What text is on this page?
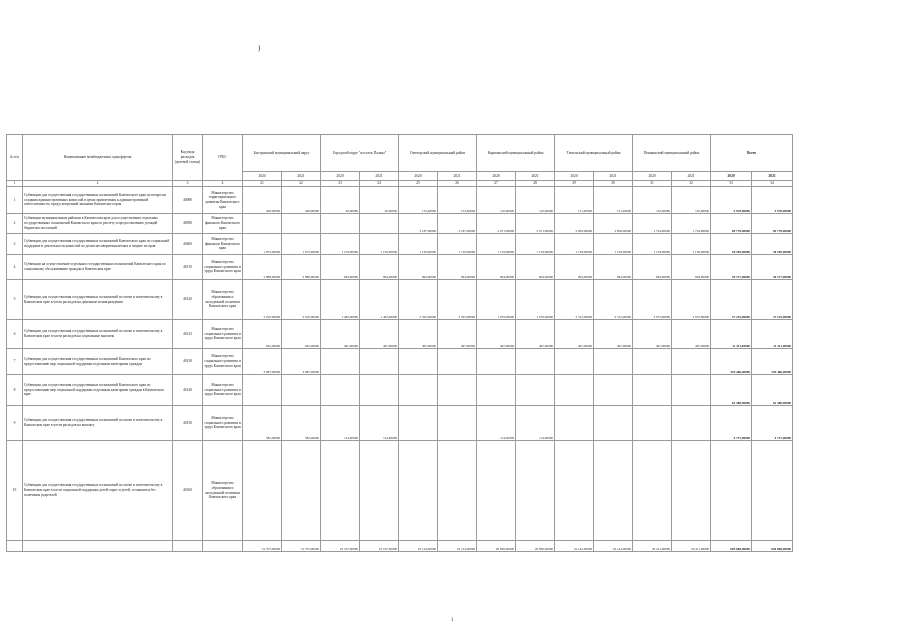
)
№ п/п	Наименование межбюджетных трансфертов	Код вида расходов (целевой статьи)	ГРБС	Быстринский муниципальный округ		Городской округ "поселок Палана"		Олюторский муниципальный район		Карагинский муниципальный район		Тигильский муниципальный район		Пенжинский муниципальный район		Всего	
				2020	2021	2020	2021	2020	2021	2020	2021	2020	2021	2020	2021	2020	2021
1	2	3	4	21	22	23	24	25	26	27	28	29	30	31	32	33	34
1	Субвенции для осуществления государственных полномочий Камчатского края по вопросам создания административных комиссий в целях привлечения к административной ответственности, предусмотренной законами Камчатского края	40080	Министерство территориального развития Камчатского края	428,00000	428,00000	26,00000	26,00000	153,40000	153,40000	110,00000	110,00000	151,40000	151,40000	110,00000	110,00000	5 978,00000	5 978,00000
2	Субвенции муниципальным районам в Камчатском крае для осуществления отдельных государственных полномочий Камчатского края по расчету и предоставлению дотаций бюджетам поселений	40090	Министерство финансов Камчатского края					3 187,00000	3 187,00000	2 071,00000	2 071,00000	2 856,00000	2 856,00000	1 724,00000	1 724,00000	89 778,00000	89 778,00000
3	Субвенции для осуществления государственных полномочий Камчатского края по социальной поддержке и деятельности комиссий по делам несовершеннолетних и защите их прав	40400	Министерство финансов Камчатского края	1 075,00000	1 075,00000	1 159,00000	1 159,00000	1 139,00000	1 139,00000	1 159,00000	1 159,00000	1 139,00000	1 139,00000	1 139,00000	1 139,00000	28 309,00000	28 309,00000
4	Субвенции на осуществление отдельных государственных полномочий Камчатского края по социальному обслуживанию граждан в Камчатском крае	40110	Министерство социального развития и труда Камчатского края	2 888,00000	2 888,00000	994,00000	994,00000	994,00000	994,00000	994,00000	994,00000	994,00000	994,00000	994,00000	994,00000	30 377,00000	30 377,00000
5	Субвенции для осуществления государственных полномочий по опеке и попечительству в Камчатском крае в части расходов на денежные вознаграждения	40120	Министерство образования и молодежной политики Камчатского края	2 010,00000	2 010,00000	1 463,00000	1 463,00000	2 595,00000	2 595,00000	1 976,00000	1 976,00000	2 312,00000	2 312,00000	2 972,00000	2 972,00000	37 219,00000	37 219,00000
6	Субвенции для осуществления государственных полномочий по опеке и попечительству в Камчатском крае в части расходов на социальные выплаты	40125	Министерство социального развития и труда Камчатского края	922,00000	922,00000	497,00000	497,00000	497,00000	497,00000	497,00000	497,00000	497,00000	497,00000	497,00000	497,00000	11 311,00000	11 311,00000
7	Субвенции для осуществления государственных полномочий Камчатского края по предоставлению мер социальной поддержки отдельным категориям граждан	40130	Министерство социального развития и труда Камчатского края	3 987,00000	3 987,00000											329 486,00000	329 486,00000
8	Субвенции для осуществления государственных полномочий Камчатского края по предоставлению мер социальной поддержки отдельным категориям граждан в Камчатском крае	40140	Министерство социального развития и труда Камчатского края													62 488,00000	62 488,00000
9	Субвенции для осуществления государственных полномочий по опеке и попечительству в Камчатском крае в части расходов на выплату	40150	Министерство социального развития и труда Камчатского края	585,00000	585,00000	114,00000	114,00000			114,00000	114,00000					4 737,00000	4 737,00000
10	Субвенции для осуществления государственных полномочий по опеке и попечительству в Камчатском крае в части социальной поддержки детей-сирот и детей, оставшихся без попечения родителей	40160	Министерство образования и молодежной политики Камчатского края														
				51 375,00000	51 375,00000	19 167,00000	19 167,00000	25 124,00000	25 124,00000	20 836,00000	20 836,00000	22 142,00000	22 142,00000	20 411,00000	20 411,00000	609 868,00000	609 868,00000
1
